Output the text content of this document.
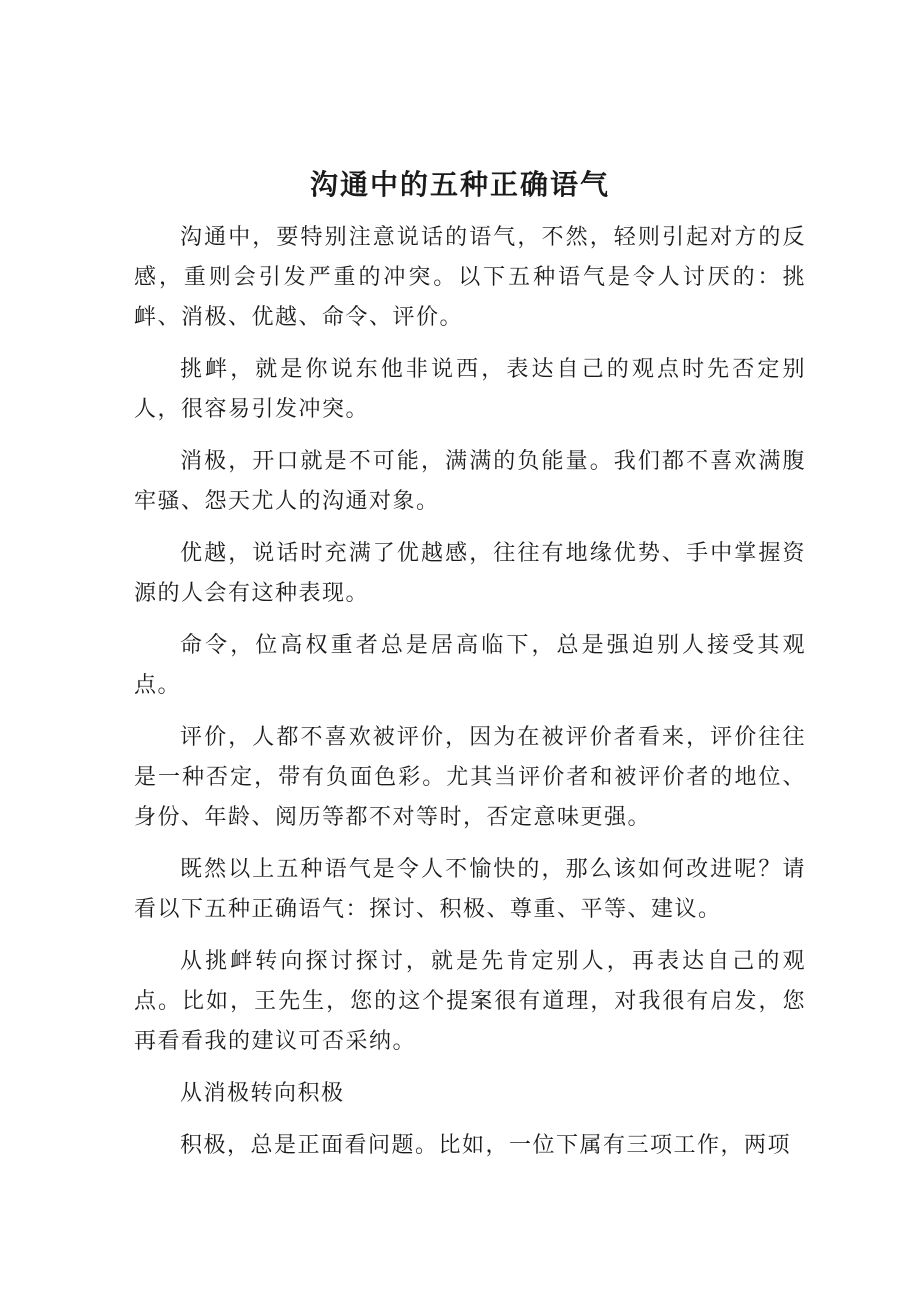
沟通中的五种正确语气

沟通中，要特别注意说话的语气，不然，轻则引起对方的反感，重则会引发严重的冲突。以下五种语气是令人讨厌的：挑衅、消极、优越、命令、评价。

挑衅，就是你说东他非说西，表达自己的观点时先否定别人，很容易引发冲突。

消极，开口就是不可能，满满的负能量。我们都不喜欢满腹牢骚、怨天尤人的沟通对象。

优越，说话时充满了优越感，往往有地缘优势、手中掌握资源的人会有这种表现。

命令，位高权重者总是居高临下，总是强迫别人接受其观点。

评价，人都不喜欢被评价，因为在被评价者看来，评价往往是一种否定，带有负面色彩。尤其当评价者和被评价者的地位、身份、年龄、阅历等都不对等时，否定意味更强。

既然以上五种语气是令人不愉快的，那么该如何改进呢？请看以下五种正确语气：探讨、积极、尊重、平等、建议。

从挑衅转向探讨探讨，就是先肯定别人，再表达自己的观点。比如，王先生，您的这个提案很有道理，对我很有启发，您再看看我的建议可否采纳。

从消极转向积极

积极，总是正面看问题。比如，一位下属有三项工作，两项
